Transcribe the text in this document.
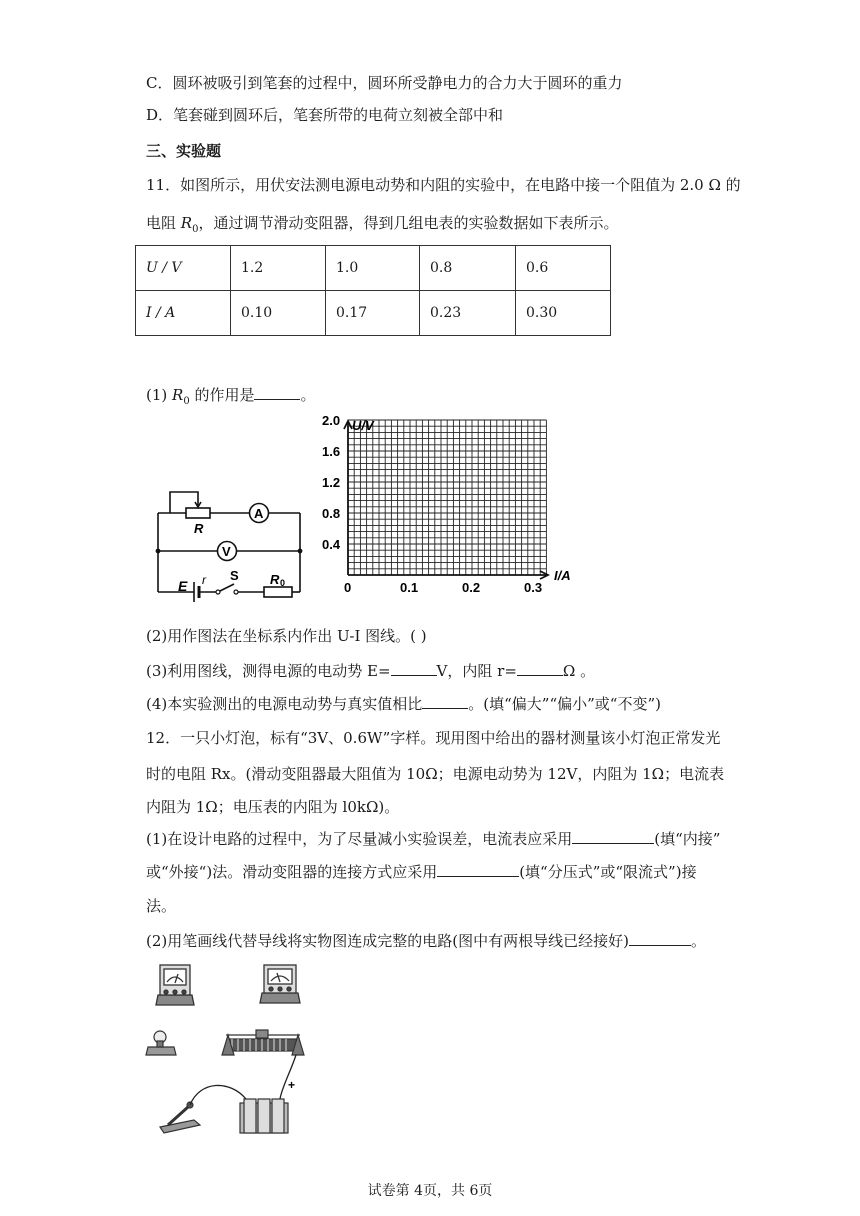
C．圆环被吸引到笔套的过程中，圆环所受静电力的合力大于圆环的重力
D．笔套碰到圆环后，笔套所带的电荷立刻被全部中和
三、实验题
11．如图所示，用伏安法测电源电动势和内阻的实验中，在电路中接一个阻值为 2.0 Ω 的
电阻 $R_0$，通过调节滑动变阻器，得到几组电表的实验数据如下表所示。
U / V	1.2	1.0	0.8	0.6
I / A	0.10	0.17	0.23	0.30
(1) $R_0$ 的作用是	。
R
A
V
E r S R 0
U/V
I/A
2.0
1.6
1.2
0.8
0.4
0	0.1	0.2	0.3
(2)用作图法在坐标系内作出 U-I 图线。( )
(3)利用图线，测得电源的电动势 E=	V，内阻 r=	Ω 。
(4)本实验测出的电源电动势与真实值相比	。(填“偏大”“偏小”或“不变”)
12．一只小灯泡，标有“3V、0.6W”字样。现用图中给出的器材测量该小灯泡正常发光
时的电阻 Rx。(滑动变阻器最大阻值为 10Ω；电源电动势为 12V，内阻为 1Ω；电流表
内阻为 1Ω；电压表的内阻为 l0kΩ)。
(1)在设计电路的过程中，为了尽量减小实验误差，电流表应采用	(填“内接”
或“外接“)法。滑动变阻器的连接方式应采用	(填“分压式”或“限流式”)接
法。
(2)用笔画线代替导线将实物图连成完整的电路(图中有两根导线已经接好)	。
+
试卷第 4页，共 6页
